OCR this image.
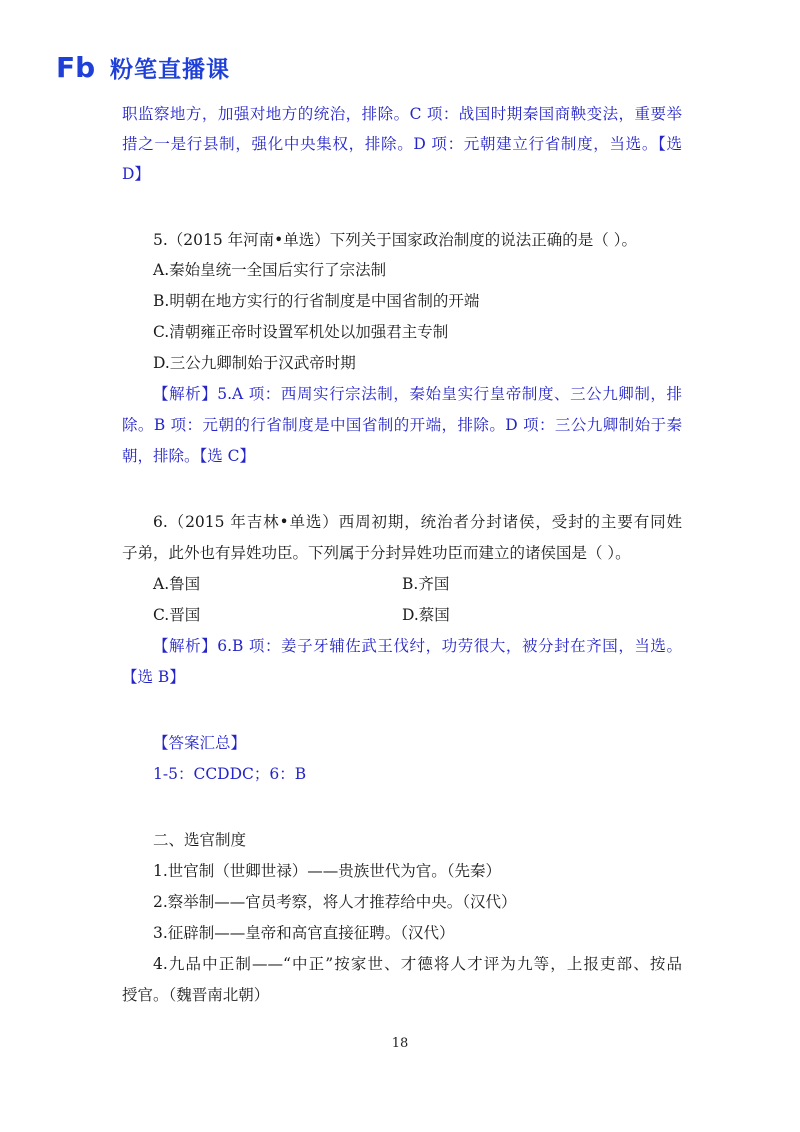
Fb 粉笔直播课
职监察地方，加强对地方的统治，排除。C 项：战国时期秦国商鞅变法，重要举
措之一是行县制，强化中央集权，排除。D 项：元朝建立行省制度，当选。【选
D】
5.（2015 年河南•单选）下列关于国家政治制度的说法正确的是（ ）。
A.秦始皇统一全国后实行了宗法制
B.明朝在地方实行的行省制度是中国省制的开端
C.清朝雍正帝时设置军机处以加强君主专制
D.三公九卿制始于汉武帝时期
【解析】5.A 项：西周实行宗法制，秦始皇实行皇帝制度、三公九卿制，排
除。B 项：元朝的行省制度是中国省制的开端，排除。D 项：三公九卿制始于秦
朝，排除。【选 C】
6.（2015 年吉林•单选）西周初期，统治者分封诸侯，受封的主要有同姓
子弟，此外也有异姓功臣。下列属于分封异姓功臣而建立的诸侯国是（ ）。
A.鲁国	B.齐国
C.晋国	D.蔡国
【解析】6.B 项：姜子牙辅佐武王伐纣，功劳很大，被分封在齐国，当选。
【选 B】
【答案汇总】
1-5：CCDDC；6：B
二、选官制度
1.世官制（世卿世禄）——贵族世代为官。（先秦）
2.察举制——官员考察，将人才推荐给中央。（汉代）
3.征辟制——皇帝和高官直接征聘。（汉代）
4.九品中正制——“中正”按家世、才德将人才评为九等，上报吏部、按品
授官。（魏晋南北朝）
18
